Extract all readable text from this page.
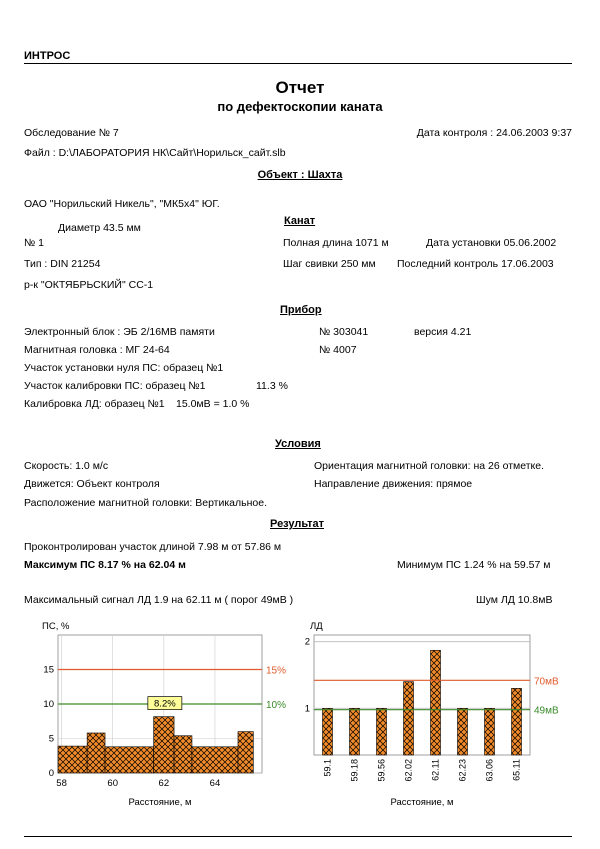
ИНТРОС
Отчет
по дефектоскопии каната
Обследование № 7	Дата контроля : 24.06.2003 9:37
Файл : D:\ЛАБОРАТОРИЯ НК\Сайт\Норильск_сайт.slb
Объект : Шахта
ОАО "Норильский Никель", "МК5х4" ЮГ.
Канат
Диаметр 43.5 мм
№ 1	Полная длина 1071 м	Дата установки 05.06.2002
Тип : DIN 21254	Шаг свивки 250 мм Последний контроль 17.06.2003
р-к "ОКТЯБРЬСКИЙ" СС-1
Прибор
Электронный блок : ЭБ 2/16МВ памяти	№ 303041	версия 4.21
Магнитная головка : МГ 24-64	№ 4007
Участок установки нуля ПС: образец №1
Участок калибровки ПС: образец №1	11.3 %
Калибровка ЛД: образец №1 15.0мВ = 1.0 %
Условия
Скорость: 1.0 м/с	Ориентация магнитной головки: на 26 отметке.
Движется: Объект контроля	Направление движения: прямое
Расположение магнитной головки: Вертикальное.
Результат
Проконтролирован участок длиной 7.98 м от 57.86 м
Максимум ПС 8.17 % на 62.04 м	Минимум ПС 1.24 % на 59.57 м
Максимальный сигнал ЛД 1.9 на 62.11 м ( порог 49мВ )	Шум ЛД 10.8мВ
15%
10%
8.2%
58	60	62	64
0
5
10
15
ПС, %
Расстояние, м
59.1 59.18 59.56 62.02 62.11 62.23 63.06 65.11
70мВ
49мВ
1
2
ЛД
Расстояние, м
